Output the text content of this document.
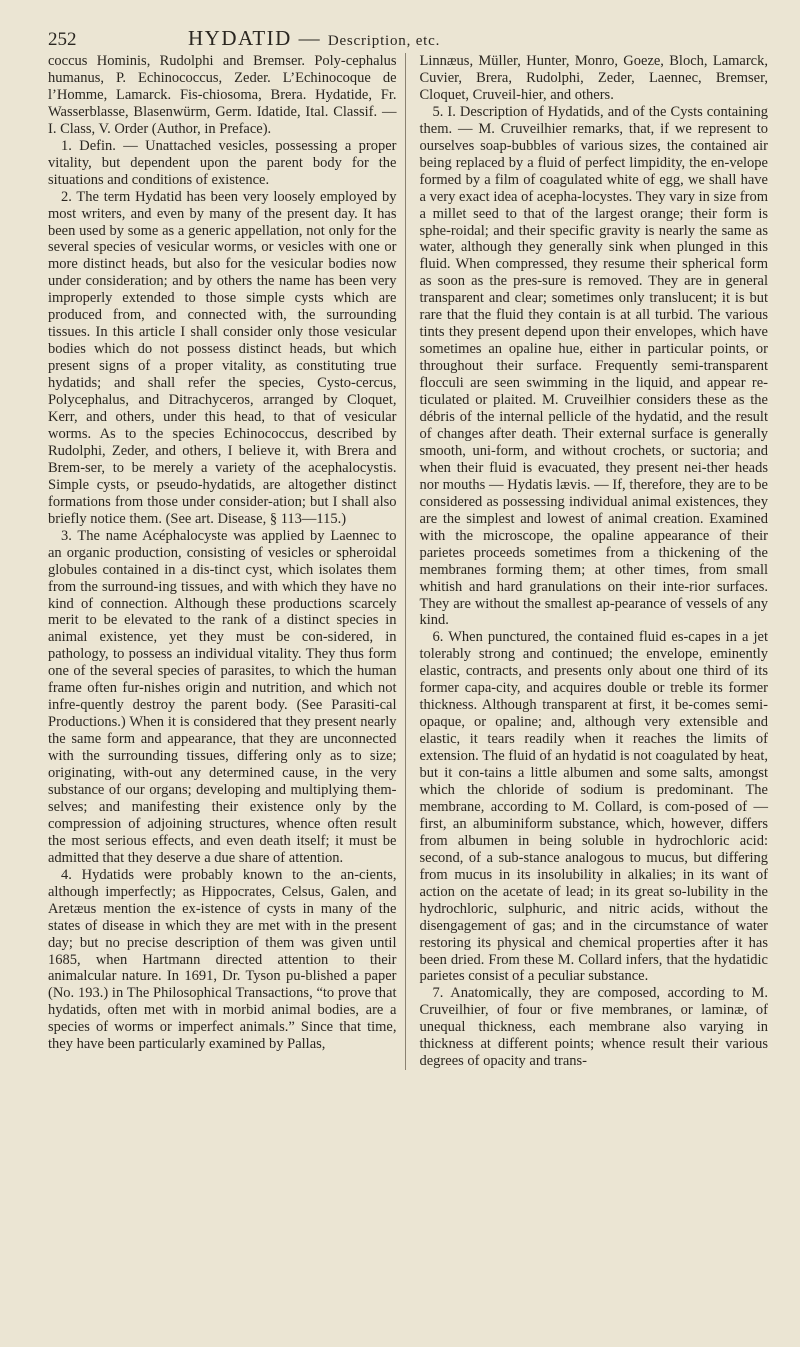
252	HYDATID — Description, etc.

coccus Hominis, Rudolphi and Bremser. Poly-cephalus humanus, P. Echinococcus, Zeder. L’Echinocoque de l’Homme, Lamarck. Fis-chiosoma, Brera. Hydatide, Fr. Wasserblasse, Blasenwürm, Germ. Idatide, Ital. Classif. — I. Class, V. Order (Author, in Preface).

1. Defin. — Unattached vesicles, possessing a proper vitality, but dependent upon the parent body for the situations and conditions of existence.

2. The term Hydatid has been very loosely employed by most writers, and even by many of the present day. It has been used by some as a generic appellation, not only for the several species of vesicular worms, or vesicles with one or more distinct heads, but also for the vesicular bodies now under consideration; and by others the name has been very improperly extended to those simple cysts which are produced from, and connected with, the surrounding tissues. In this article I shall consider only those vesicular bodies which do not possess distinct heads, but which present signs of a proper vitality, as constituting true hydatids; and shall refer the species, Cysto-cercus, Polycephalus, and Ditrachyceros, arranged by Cloquet, Kerr, and others, under this head, to that of vesicular worms. As to the species Echinococcus, described by Rudolphi, Zeder, and others, I believe it, with Brera and Brem-ser, to be merely a variety of the acephalocystis. Simple cysts, or pseudo-hydatids, are altogether distinct formations from those under consider-ation; but I shall also briefly notice them. (See art. Disease, § 113—115.)

3. The name Acéphalocyste was applied by Laennec to an organic production, consisting of vesicles or spheroidal globules contained in a dis-tinct cyst, which isolates them from the surround-ing tissues, and with which they have no kind of connection. Although these productions scarcely merit to be elevated to the rank of a distinct species in animal existence, yet they must be con-sidered, in pathology, to possess an individual vitality. They thus form one of the several species of parasites, to which the human frame often fur-nishes origin and nutrition, and which not infre-quently destroy the parent body. (See Parasiti-cal Productions.) When it is considered that they present nearly the same form and appearance, that they are unconnected with the surrounding tissues, differing only as to size; originating, with-out any determined cause, in the very substance of our organs; developing and multiplying them-selves; and manifesting their existence only by the compression of adjoining structures, whence often result the most serious effects, and even death itself; it must be admitted that they deserve a due share of attention.

4. Hydatids were probably known to the an-cients, although imperfectly; as Hippocrates, Celsus, Galen, and Aretæus mention the ex-istence of cysts in many of the states of disease in which they are met with in the present day; but no precise description of them was given until 1685, when Hartmann directed attention to their animalcular nature. In 1691, Dr. Tyson pu-blished a paper (No. 193.) in The Philosophical Transactions, “to prove that hydatids, often met with in morbid animal bodies, are a species of worms or imperfect animals.” Since that time, they have been particularly examined by Pallas,

Linnæus, Müller, Hunter, Monro, Goeze, Bloch, Lamarck, Cuvier, Brera, Rudolphi, Zeder, Laennec, Bremser, Cloquet, Cruveil-hier, and others.

5. I. Description of Hydatids, and of the Cysts containing them. — M. Cruveilhier remarks, that, if we represent to ourselves soap-bubbles of various sizes, the contained air being replaced by a fluid of perfect limpidity, the en-velope formed by a film of coagulated white of egg, we shall have a very exact idea of acepha-locystes. They vary in size from a millet seed to that of the largest orange; their form is sphe-roidal; and their specific gravity is nearly the same as water, although they generally sink when plunged in this fluid. When compressed, they resume their spherical form as soon as the pres-sure is removed. They are in general transparent and clear; sometimes only translucent; it is but rare that the fluid they contain is at all turbid. The various tints they present depend upon their envelopes, which have sometimes an opaline hue, either in particular points, or throughout their surface. Frequently semi-transparent flocculi are seen swimming in the liquid, and appear re-ticulated or plaited. M. Cruveilhier considers these as the débris of the internal pellicle of the hydatid, and the result of changes after death. Their external surface is generally smooth, uni-form, and without crochets, or suctoria; and when their fluid is evacuated, they present nei-ther heads nor mouths — Hydatis lævis. — If, therefore, they are to be considered as possessing individual animal existences, they are the simplest and lowest of animal creation. Examined with the microscope, the opaline appearance of their parietes proceeds sometimes from a thickening of the membranes forming them; at other times, from small whitish and hard granulations on their inte-rior surfaces. They are without the smallest ap-pearance of vessels of any kind.

6. When punctured, the contained fluid es-capes in a jet tolerably strong and continued; the envelope, eminently elastic, contracts, and presents only about one third of its former capa-city, and acquires double or treble its former thickness. Although transparent at first, it be-comes semi-opaque, or opaline; and, although very extensible and elastic, it tears readily when it reaches the limits of extension. The fluid of an hydatid is not coagulated by heat, but it con-tains a little albumen and some salts, amongst which the chloride of sodium is predominant. The membrane, according to M. Collard, is com-posed of — first, an albuminiform substance, which, however, differs from albumen in being soluble in hydrochloric acid: second, of a sub-stance analogous to mucus, but differing from mucus in its insolubility in alkalies; in its want of action on the acetate of lead; in its great so-lubility in the hydrochloric, sulphuric, and nitric acids, without the disengagement of gas; and in the circumstance of water restoring its physical and chemical properties after it has been dried. From these M. Collard infers, that the hydatidic parietes consist of a peculiar substance.

7. Anatomically, they are composed, according to M. Cruveilhier, of four or five membranes, or laminæ, of unequal thickness, each membrane also varying in thickness at different points; whence result their various degrees of opacity and trans-
